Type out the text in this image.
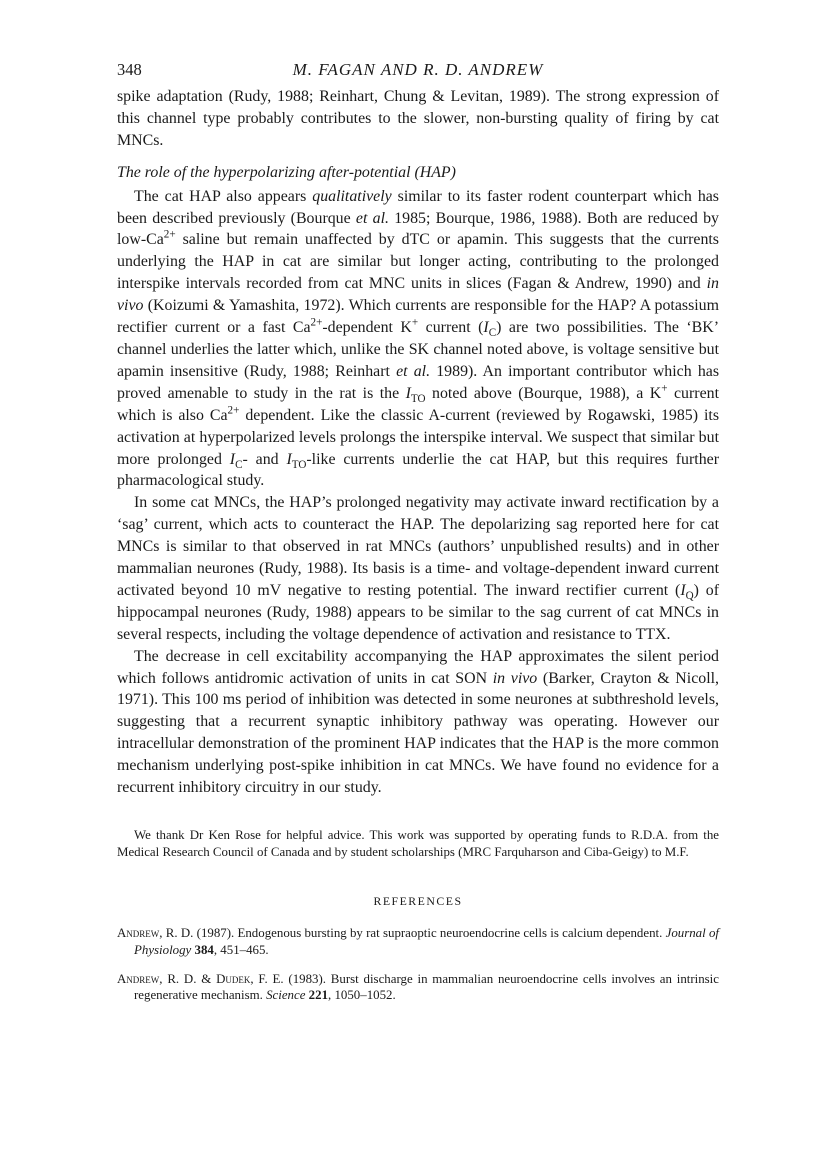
348	M. FAGAN AND R. D. ANDREW

spike adaptation (Rudy, 1988; Reinhart, Chung & Levitan, 1989). The strong expression of this channel type probably contributes to the slower, non-bursting quality of firing by cat MNCs.

The role of the hyperpolarizing after-potential (HAP)

The cat HAP also appears qualitatively similar to its faster rodent counterpart which has been described previously (Bourque et al. 1985; Bourque, 1986, 1988). Both are reduced by low-$Ca^{2+}$ saline but remain unaffected by dTC or apamin. This suggests that the currents underlying the HAP in cat are similar but longer acting, contributing to the prolonged interspike intervals recorded from cat MNC units in slices (Fagan & Andrew, 1990) and in vivo (Koizumi & Yamashita, 1972). Which currents are responsible for the HAP? A potassium rectifier current or a fast $Ca^{2+}$-dependent K+ current $(I_C)$ are two possibilities. The ‘BK’ channel underlies the latter which, unlike the SK channel noted above, is voltage sensitive but apamin insensitive (Rudy, 1988; Reinhart et al. 1989). An important contributor which has proved amenable to study in the rat is the $I_{TO}$ noted above (Bourque, 1988), a K+ current which is also $Ca^{2+}$ dependent. Like the classic A-current (reviewed by Rogawski, 1985) its activation at hyperpolarized levels prolongs the interspike interval. We suspect that similar but more prolonged $I_C-$ and $I_{TO}$-like currents underlie the cat HAP, but this requires further pharmacological study.

In some cat MNCs, the HAP’s prolonged negativity may activate inward rectification by a ‘sag’ current, which acts to counteract the HAP. The depolarizing sag reported here for cat MNCs is similar to that observed in rat MNCs (authors’ unpublished results) and in other mammalian neurones (Rudy, 1988). Its basis is a time- and voltage-dependent inward current activated beyond 10 mV negative to resting potential. The inward rectifier current $(I_Q)$ of hippocampal neurones (Rudy, 1988) appears to be similar to the sag current of cat MNCs in several respects, including the voltage dependence of activation and resistance to TTX.

The decrease in cell excitability accompanying the HAP approximates the silent period which follows antidromic activation of units in cat SON in vivo (Barker, Crayton & Nicoll, 1971). This 100 ms period of inhibition was detected in some neurones at subthreshold levels, suggesting that a recurrent synaptic inhibitory pathway was operating. However our intracellular demonstration of the prominent HAP indicates that the HAP is the more common mechanism underlying post-spike inhibition in cat MNCs. We have found no evidence for a recurrent inhibitory circuitry in our study.

We thank Dr Ken Rose for helpful advice. This work was supported by operating funds to R.D.A. from the Medical Research Council of Canada and by student scholarships (MRC Farquharson and Ciba-Geigy) to M.F.

REFERENCES

Andrew, R. D. (1987). Endogenous bursting by rat supraoptic neuroendocrine cells is calcium dependent. Journal of Physiology 384, 451–465.

Andrew, R. D. & Dudek, F. E. (1983). Burst discharge in mammalian neuroendocrine cells involves an intrinsic regenerative mechanism. Science 221, 1050–1052.
